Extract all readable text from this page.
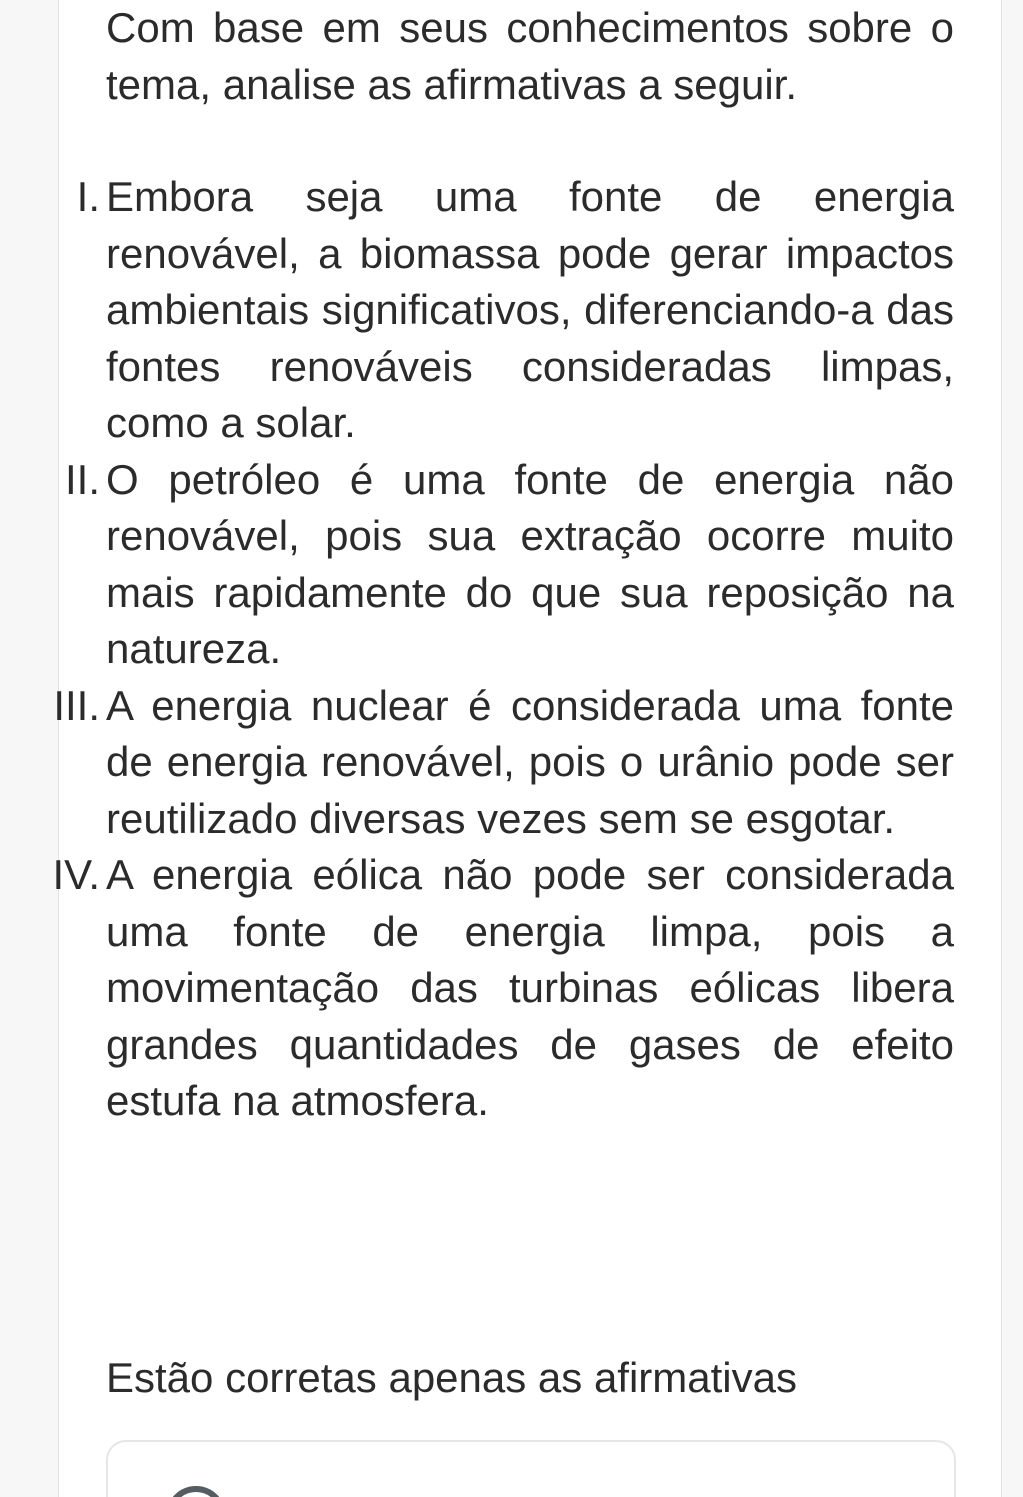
Com base em seus conhecimentos sobre o tema, analise as afirmativas a seguir.

I. Embora seja uma fonte de energia renovável, a biomassa pode gerar impactos ambientais significativos, diferenciando-a das fontes renováveis consideradas limpas, como a solar.
II. O petróleo é uma fonte de energia não renovável, pois sua extração ocorre muito mais rapidamente do que sua reposição na natureza.
III. A energia nuclear é considerada uma fonte de energia renovável, pois o urânio pode ser reutilizado diversas vezes sem se esgotar.
IV. A energia eólica não pode ser considerada uma fonte de energia limpa, pois a movimentação das turbinas eólicas libera grandes quantidades de gases de efeito estufa na atmosfera.
Estão corretas apenas as afirmativas
